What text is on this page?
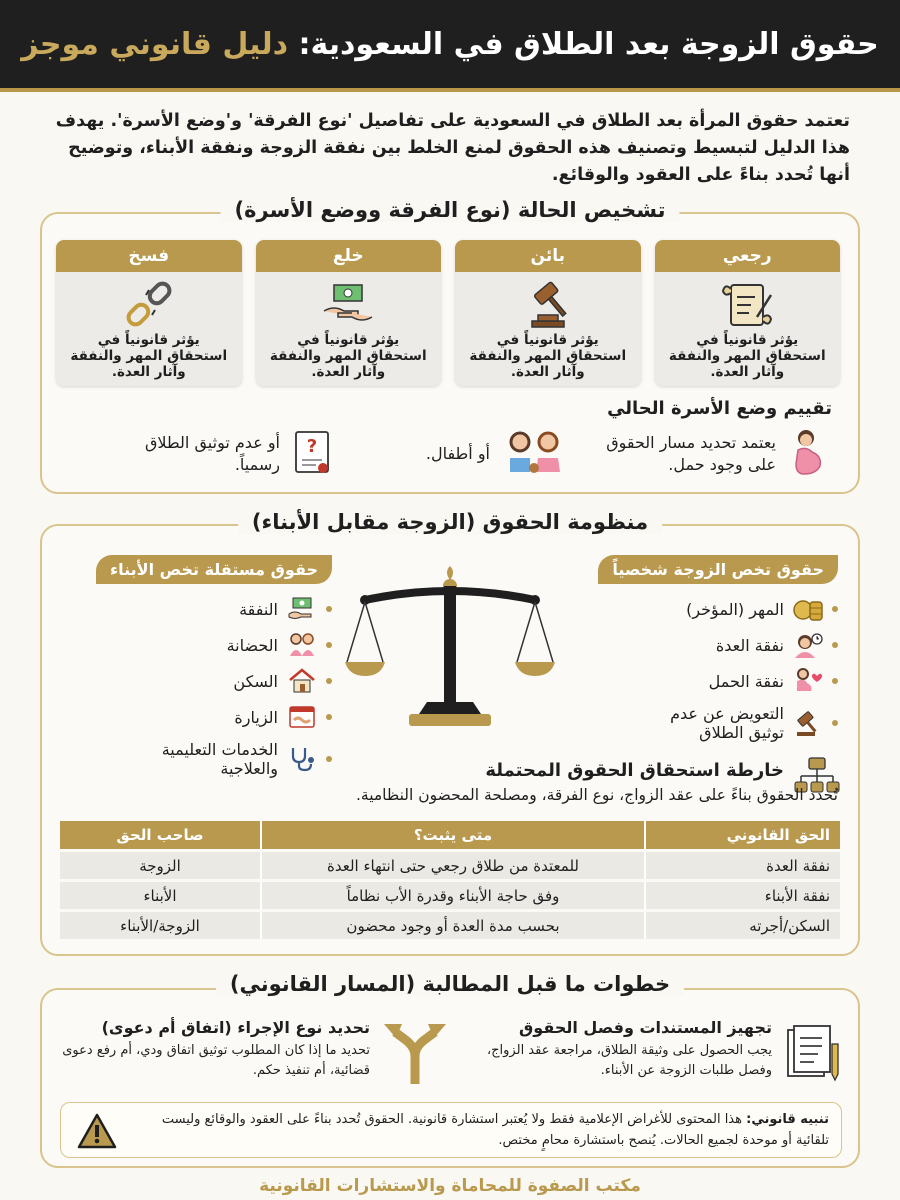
حقوق الزوجة بعد الطلاق في السعودية: دليل قانوني موجز

تعتمد حقوق المرأة بعد الطلاق في السعودية على تفاصيل 'نوع الفرقة' و'وضع الأسرة'. يهدف هذا الدليل لتبسيط وتصنيف هذه الحقوق لمنع الخلط بين نفقة الزوجة ونفقة الأبناء، وتوضيح أنها تُحدد بناءً على العقود والوقائع.

تشخيص الحالة (نوع الفرقة ووضع الأسرة)
رجعي

يؤثر قانونياً في استحقاق المهر والنفقة وآثار العدة.

بائن

يؤثر قانونياً في استحقاق المهر والنفقة وآثار العدة.

خلع

يؤثر قانونياً في استحقاق المهر والنفقة وآثار العدة.

فسخ

يؤثر قانونياً في استحقاق المهر والنفقة وآثار العدة.

تقييم وضع الأسرة الحالي

يعتمد تحديد مسار الحقوق على وجود حمل.

أو أطفال.

?

أو عدم توثيق الطلاق رسمياً.

منظومة الحقوق (الزوجة مقابل الأبناء)
حقوق تخص الزوجة شخصياً
حقوق مستقلة تخص الأبناء
المهر (المؤخر)
نفقة العدة
نفقة الحمل
التعويض عن عدم توثيق الطلاق
النفقة
الحضانة
السكن
الزيارة
الخدمات التعليمية والعلاجية	خارطة استحقاق الحقوق المحتملة

تُحدد الحقوق بناءً على عقد الزواج، نوع الفرقة، ومصلحة المحضون النظامية.

الحق القانوني	متى يثبت؟	صاحب الحق
نفقة العدة	للمعتدة من طلاق رجعي حتى انتهاء العدة	الزوجة
نفقة الأبناء	وفق حاجة الأبناء وقدرة الأب نظاماً	الأبناء
السكن/أجرته	بحسب مدة العدة أو وجود محضون	الزوجة/الأبناء
خطوات ما قبل المطالبة (المسار القانوني)
تجهيز المستندات وفصل الحقوق

يجب الحصول على وثيقة الطلاق، مراجعة عقد الزواج، وفصل طلبات الزوجة عن الأبناء.

تحديد نوع الإجراء (اتفاق أم دعوى)

تحديد ما إذا كان المطلوب توثيق اتفاق ودي، أم رفع دعوى قضائية، أم تنفيذ حكم.

تنبيه قانوني: هذا المحتوى للأغراض الإعلامية فقط ولا يُعتبر استشارة قانونية. الحقوق تُحدد بناءً على العقود والوقائع وليست تلقائية أو موحدة لجميع الحالات. يُنصح باستشارة محامٍ مختص.

مكتب الصفوة للمحاماة والاستشارات القانونية
